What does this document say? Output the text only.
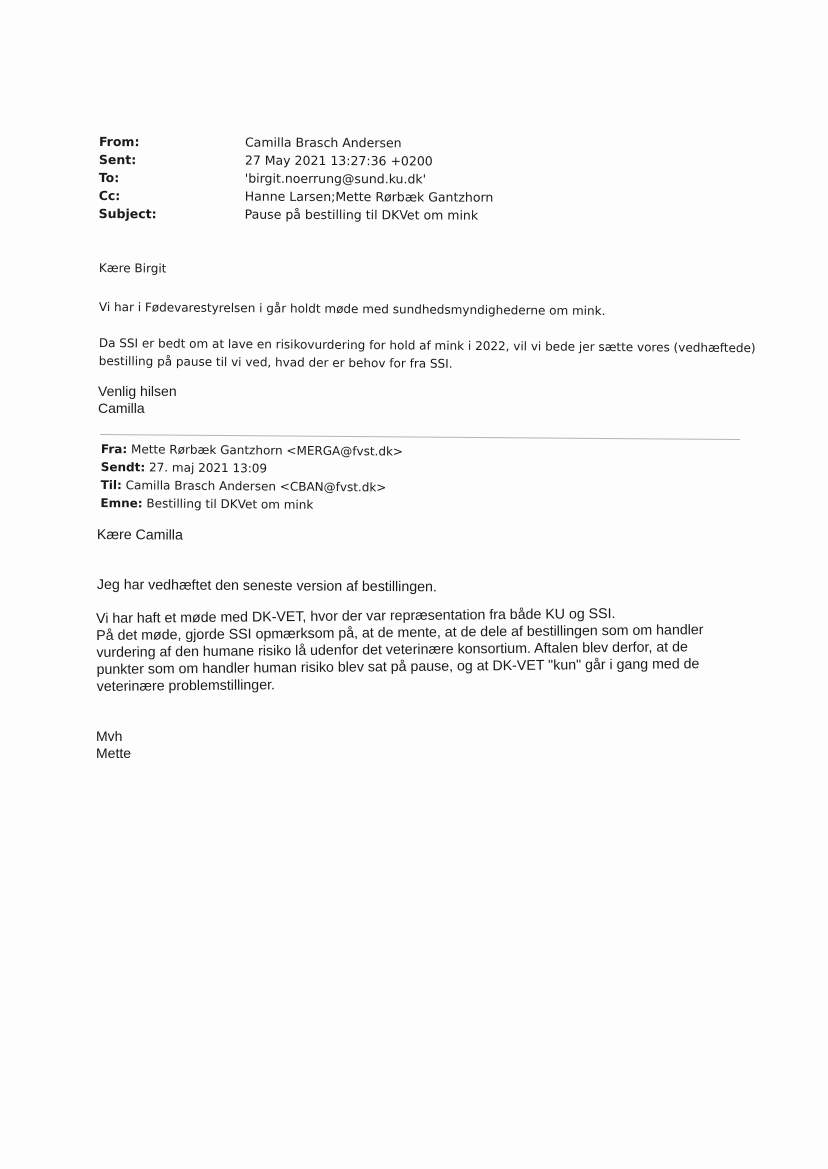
From:	Camilla Brasch Andersen
Sent:	27 May 2021 13:27:36 +0200
To:	'birgit.noerrung@sund.ku.dk'
Cc:	Hanne Larsen;Mette Rørbæk Gantzhorn
Subject:	Pause på bestilling til DKVet om mink
Kære Birgit
Vi har i Fødevarestyrelsen i går holdt møde med sundhedsmyndighederne om mink.
Da SSI er bedt om at lave en risikovurdering for hold af mink i 2022, vil vi bede jer sætte vores (vedhæftede)
bestilling på pause til vi ved, hvad der er behov for fra SSI.
Venlig hilsen
Camilla
Fra: Mette Rørbæk Gantzhorn <MERGA@fvst.dk>
Sendt: 27. maj 2021 13:09
Til: Camilla Brasch Andersen <CBAN@fvst.dk>
Emne: Bestilling til DKVet om mink
Kære Camilla
Jeg har vedhæftet den seneste version af bestillingen.
Vi har haft et møde med DK-VET, hvor der var repræsentation fra både KU og SSI.
På det møde, gjorde SSI opmærksom på, at de mente, at de dele af bestillingen som om handler
vurdering af den humane risiko lå udenfor det veterinære konsortium. Aftalen blev derfor, at de
punkter som om handler human risiko blev sat på pause, og at DK-VET "kun" går i gang med de
veterinære problemstillinger.
Mvh
Mette
